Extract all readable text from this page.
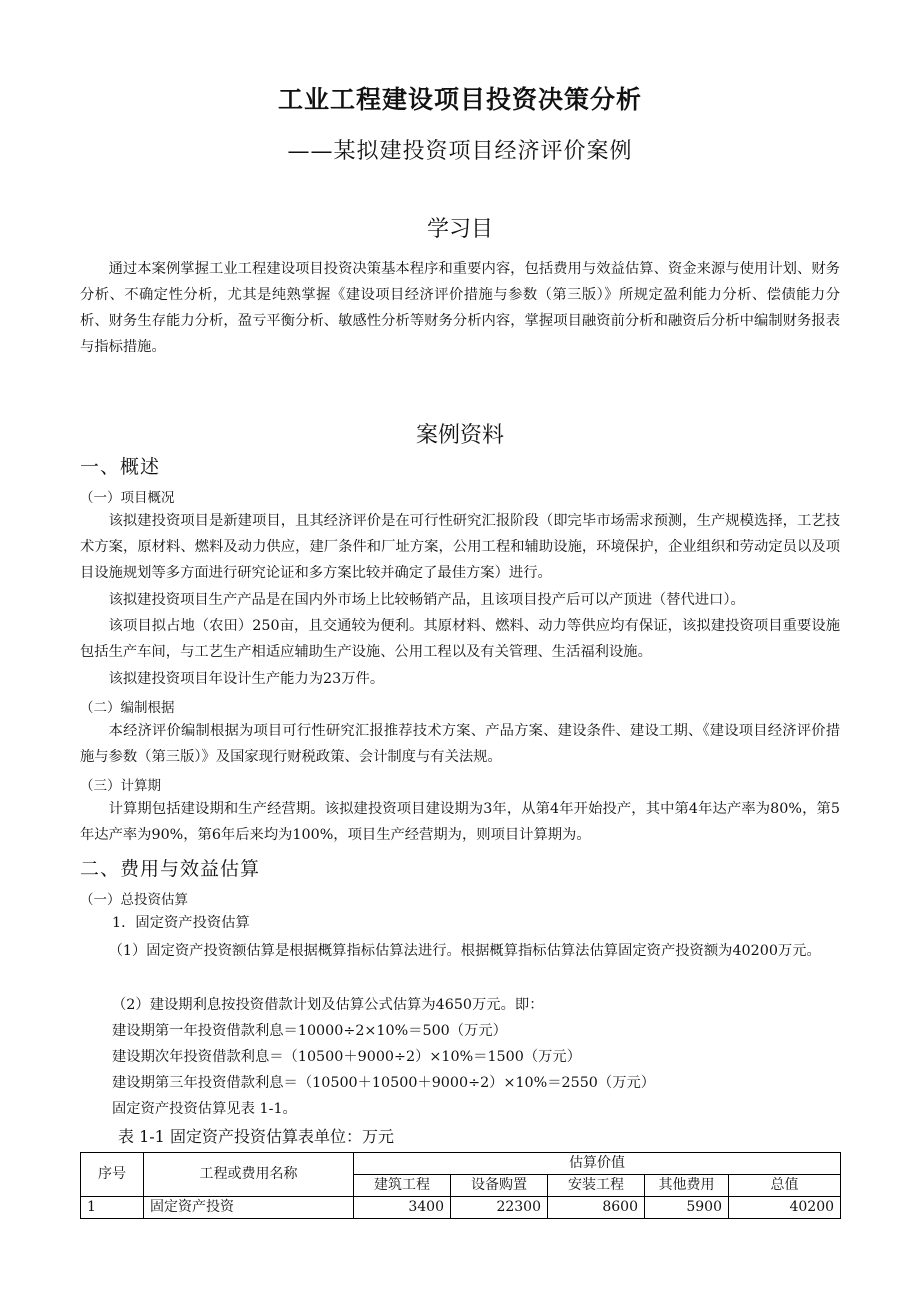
工业工程建设项目投资决策分析
——某拟建投资项目经济评价案例
学习目

通过本案例掌握工业工程建设项目投资决策基本程序和重要内容，包括费用与效益估算、资金来源与使用计划、财务分析、不确定性分析，尤其是纯熟掌握《建设项目经济评价措施与参数（第三版）》所规定盈利能力分析、偿债能力分析、财务生存能力分析，盈亏平衡分析、敏感性分析等财务分析内容，掌握项目融资前分析和融资后分析中编制财务报表与指标措施。

案例资料
一、概述
（一）项目概况

该拟建投资项目是新建项目，且其经济评价是在可行性研究汇报阶段（即完毕市场需求预测，生产规模选择，工艺技术方案，原材料、燃料及动力供应，建厂条件和厂址方案，公用工程和辅助设施，环境保护，企业组织和劳动定员以及项目设施规划等多方面进行研究论证和多方案比较并确定了最佳方案）进行。

该拟建投资项目生产产品是在国内外市场上比较畅销产品，且该项目投产后可以产顶进（替代进口）。

该项目拟占地（农田）250亩，且交通较为便利。其原材料、燃料、动力等供应均有保证，该拟建投资项目重要设施包括生产车间，与工艺生产相适应辅助生产设施、公用工程以及有关管理、生活福利设施。

该拟建投资项目年设计生产能力为23万件。

（二）编制根据

本经济评价编制根据为项目可行性研究汇报推荐技术方案、产品方案、建设条件、建设工期、《建设项目经济评价措施与参数（第三版）》及国家现行财税政策、会计制度与有关法规。

（三）计算期

计算期包括建设期和生产经营期。该拟建投资项目建设期为3年，从第4年开始投产，其中第4年达产率为80%，第5年达产率为90%，第6年后来均为100%，项目生产经营期为，则项目计算期为。

二、费用与效益估算
（一）总投资估算
1．固定资产投资估算

（1）固定资产投资额估算是根据概算指标估算法进行。根据概算指标估算法估算固定资产投资额为40200万元。

（2）建设期利息按投资借款计划及估算公式估算为4650万元。即：
建设期第一年投资借款利息＝10000÷2×10%＝500（万元）
建设期次年投资借款利息＝（10500＋9000÷2）×10%＝1500（万元）
建设期第三年投资借款利息＝（10500＋10500＋9000÷2）×10%＝2550（万元）
固定资产投资估算见表 1-1。
表 1-1 固定资产投资估算表单位：万元
序号	工程或费用名称	估算价值				
		建筑工程	设备购置	安装工程	其他费用	总值
1	固定资产投资	3400	22300	8600	5900	40200
